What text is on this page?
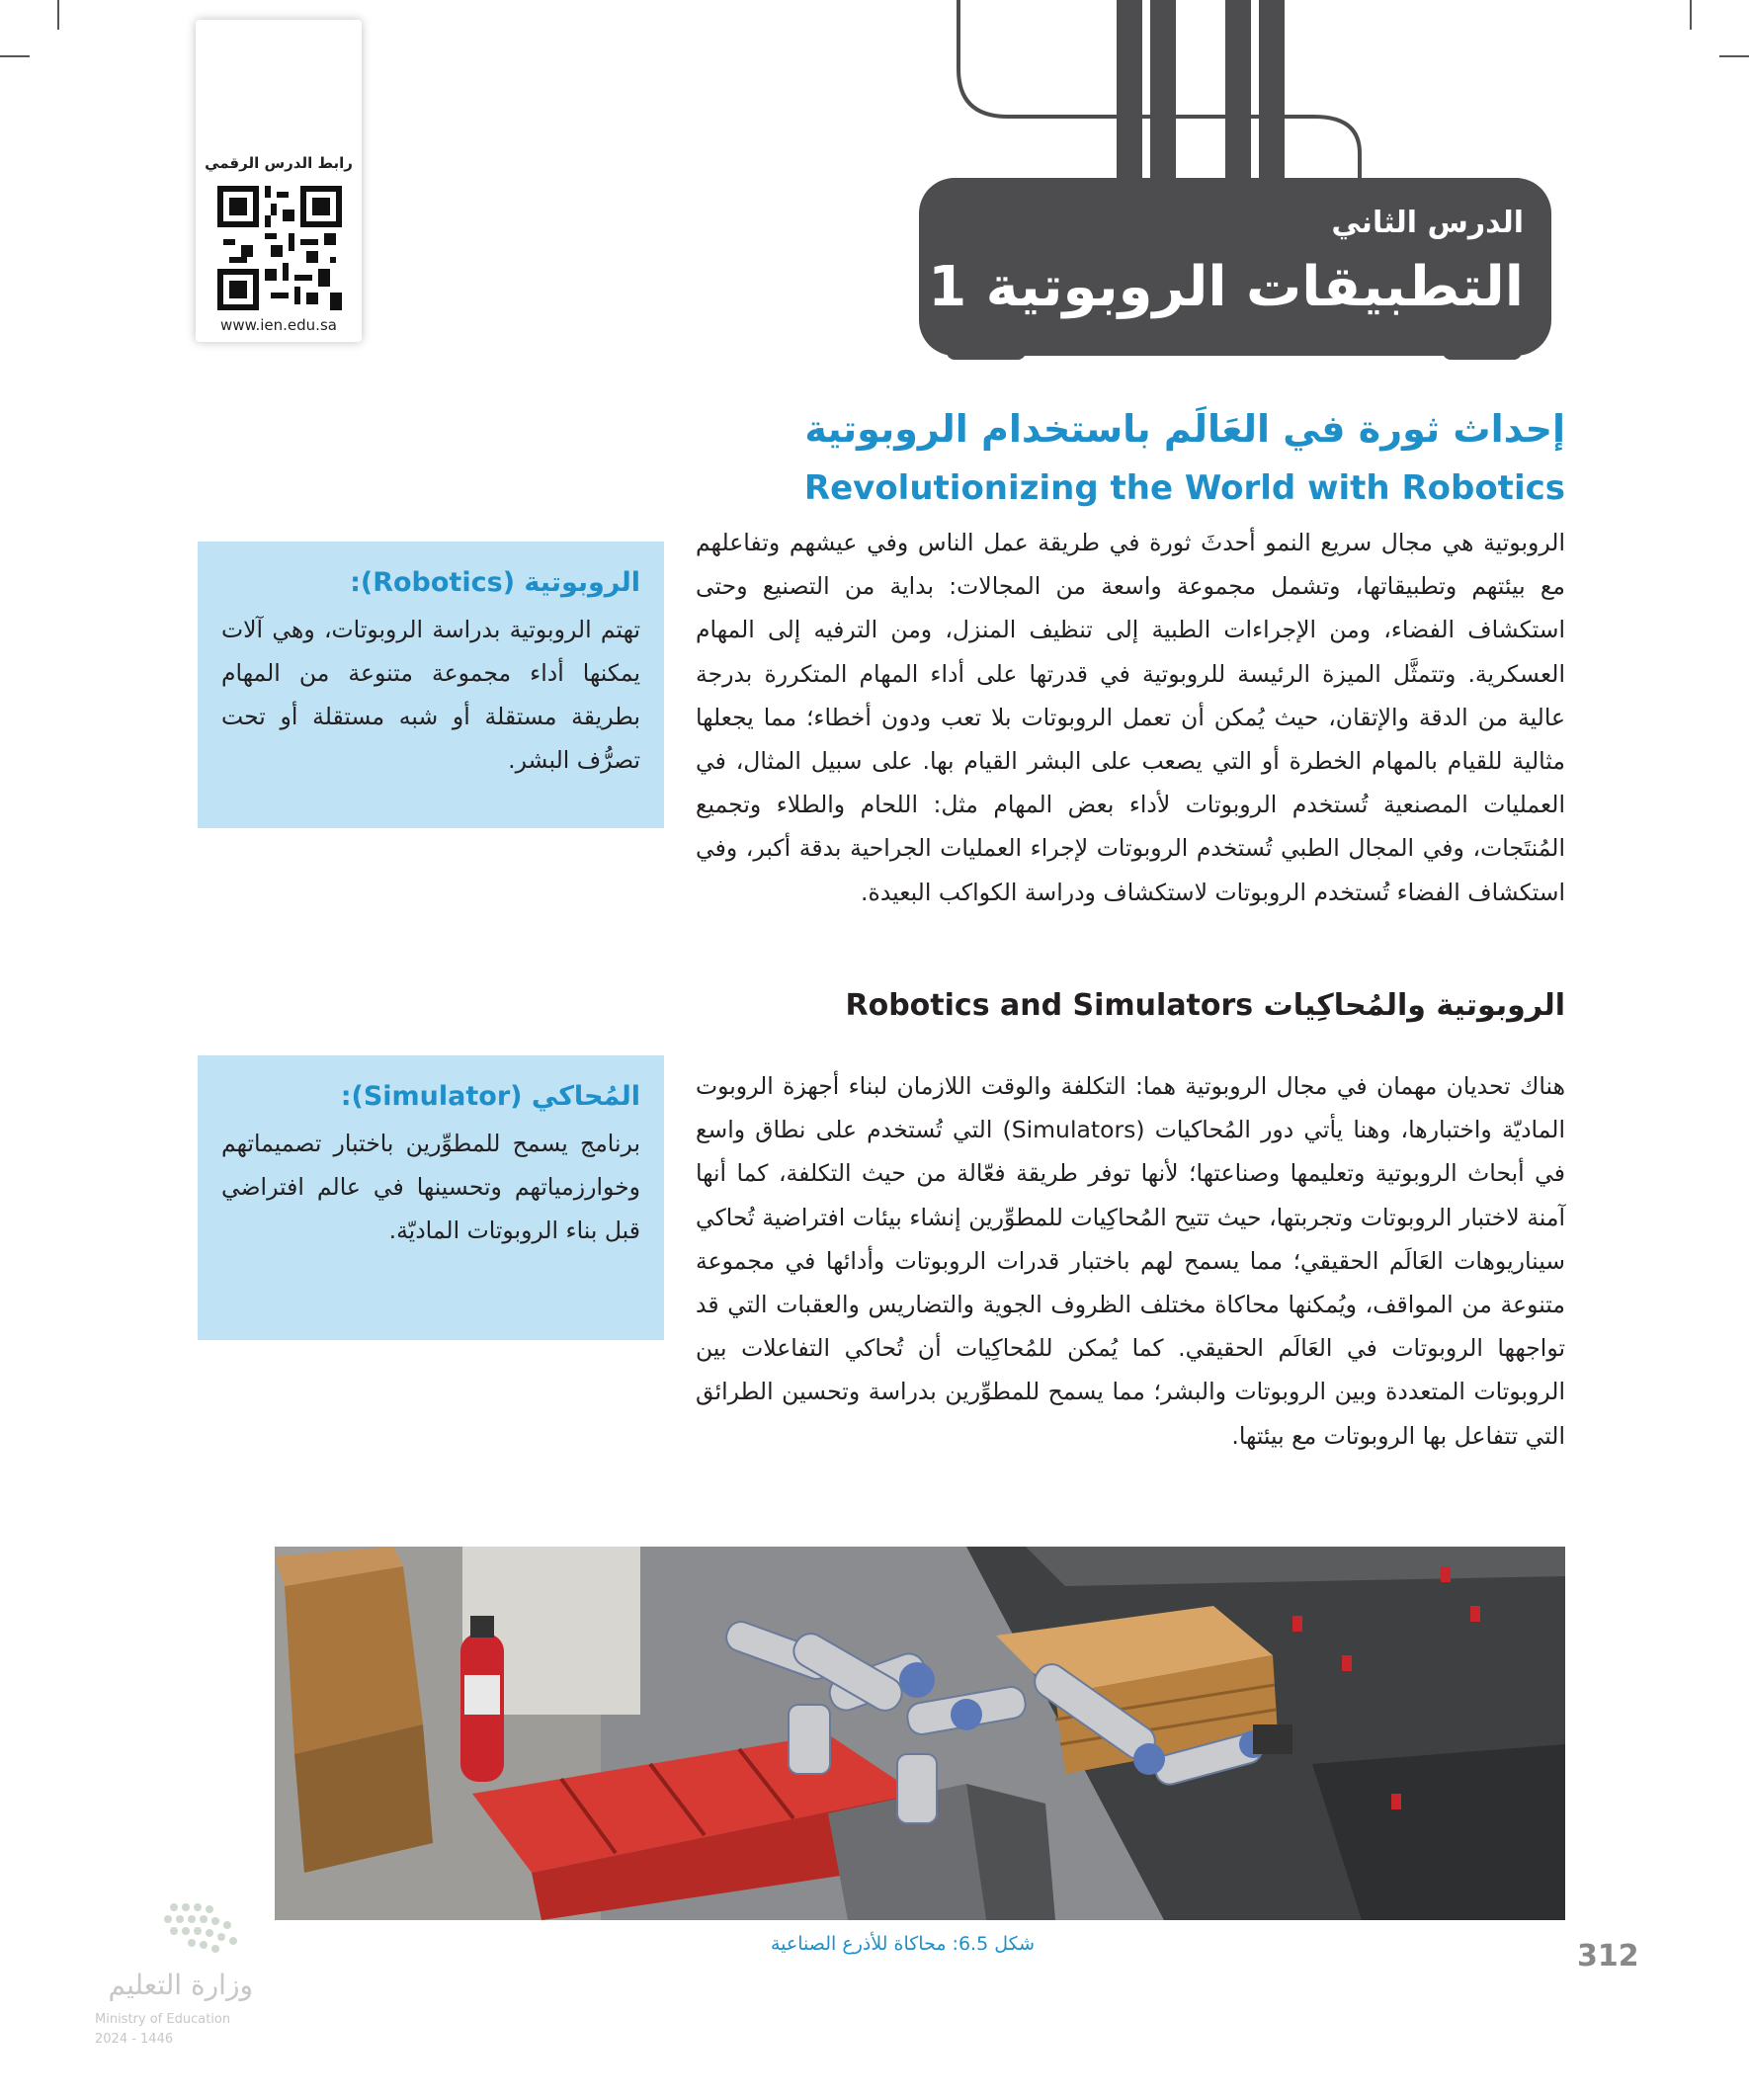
رابط الدرس الرقمي
www.ien.edu.sa
الدرس الثاني
التطبيقات الروبوتية 1
إحداث ثورة في العَالَم باستخدام الروبوتية
Revolutionizing the World with Robotics
الروبوتية هي مجال سريع النمو أحدثَ ثورة في طريقة عمل الناس وفي عيشهم وتفاعلهم مع بيئتهم وتطبيقاتها، وتشمل مجموعة واسعة من المجالات: بداية من التصنيع وحتى استكشاف الفضاء، ومن الإجراءات الطبية إلى تنظيف المنزل، ومن الترفيه إلى المهام العسكرية. وتتمثَّل الميزة الرئيسة للروبوتية في قدرتها على أداء المهام المتكررة بدرجة عالية من الدقة والإتقان، حيث يُمكن أن تعمل الروبوتات بلا تعب ودون أخطاء؛ مما يجعلها مثالية للقيام بالمهام الخطرة أو التي يصعب على البشر القيام بها. على سبيل المثال، في العمليات المصنعية تُستخدم الروبوتات لأداء بعض المهام مثل: اللحام والطلاء وتجميع المُنتَجات، وفي المجال الطبي تُستخدم الروبوتات لإجراء العمليات الجراحية بدقة أكبر، وفي استكشاف الفضاء تُستخدم الروبوتات لاستكشاف ودراسة الكواكب البعيدة.
الروبوتية (Robotics):
تهتم الروبوتية بدراسة الروبوتات، وهي آلات يمكنها أداء مجموعة متنوعة من المهام بطريقة مستقلة أو شبه مستقلة أو تحت تصرُّف البشر.
الروبوتية والمُحاكِيات Robotics and Simulators
هناك تحديان مهمان في مجال الروبوتية هما: التكلفة والوقت اللازمان لبناء أجهزة الروبوت الماديّة واختبارها، وهنا يأتي دور المُحاكيات (Simulators) التي تُستخدم على نطاق واسع في أبحاث الروبوتية وتعليمها وصناعتها؛ لأنها توفر طريقة فعّالة من حيث التكلفة، كما أنها آمنة لاختبار الروبوتات وتجربتها، حيث تتيح المُحاكِيات للمطوِّرين إنشاء بيئات افتراضية تُحاكي سيناريوهات العَالَم الحقيقي؛ مما يسمح لهم باختبار قدرات الروبوتات وأدائها في مجموعة متنوعة من المواقف، ويُمكنها محاكاة مختلف الظروف الجوية والتضاريس والعقبات التي قد تواجهها الروبوتات في العَالَم الحقيقي. كما يُمكن للمُحاكِيات أن تُحاكي التفاعلات بين الروبوتات المتعددة وبين الروبوتات والبشر؛ مما يسمح للمطوِّرين بدراسة وتحسين الطرائق التي تتفاعل بها الروبوتات مع بيئتها.
المُحاكي (Simulator):
برنامج يسمح للمطوِّرين باختبار تصميماتهم وخوارزمياتهم وتحسينها في عالم افتراضي قبل بناء الروبوتات الماديّة.
شكل 6.5: محاكاة للأذرع الصناعية	312
وزارة التعليم
Ministry of Education
2024 - 1446
